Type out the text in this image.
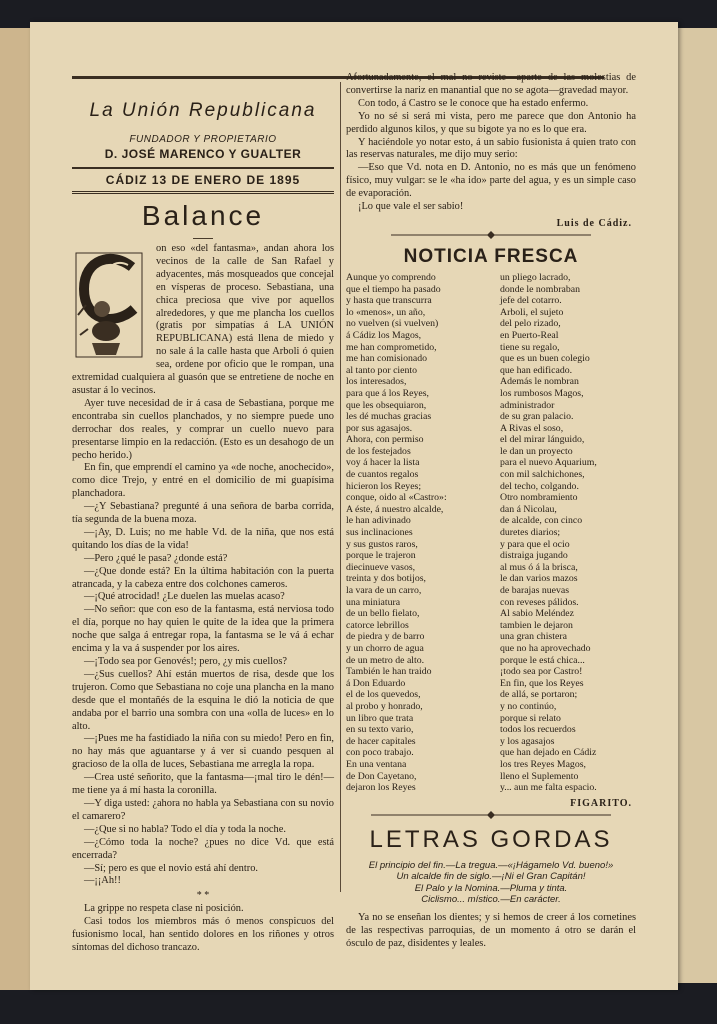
La Unión Republicana
FUNDADOR Y PROPIETARIO
D. JOSÉ MARENCO Y GUALTER
CÁDIZ 13 DE ENERO DE 1895
Balance

on eso «del fantasma», andan ahora los vecinos de la calle de San Rafael y adyacentes, más mosqueados que concejal en vísperas de proceso. Sebastiana, una chica preciosa que vive por aquellos alrededores, y que me plancha los cuellos (gratis por simpatías á LA UNIÓN REPUBLICANA) está llena de miedo y no sale á la calle hasta que Arboli ó quien sea, ordene por oficio que le rompan, una extremidad cualquiera al guasón que se entretiene de noche en asustar á lo vecinos.

Ayer tuve necesidad de ir á casa de Sebastiana, porque me encontraba sin cuellos planchados, y no siempre puede uno derrochar dos reales, y comprar un cuello nuevo para presentarse limpio en la redacción. (Esto es un desahogo de un pecho herido.)

En fin, que emprendí el camino ya «de noche, anochecido», como dice Trejo, y entré en el domicilio de mi guapísima planchadora.

—¿Y Sebastiana? pregunté á una señora de barba corrida, tía segunda de la buena moza.

—¡Ay, D. Luis; no me hable Vd. de la niña, que nos está quitando los días de la vida!

—Pero ¿qué le pasa? ¿donde está?

—¿Que donde está? En la última habitación con la puerta atrancada, y la cabeza entre dos colchones cameros.

—¡Qué atrocidad! ¿Le duelen las muelas acaso?

—No señor: que con eso de la fantasma, está nerviosa todo el día, porque no hay quien le quite de la idea que la primera noche que salga á entregar ropa, la fantasma se le vá á echar encima y la va á suspender por los aires.

—¡Todo sea por Genovés!; pero, ¿y mis cuellos?

—¿Sus cuellos? Ahí están muertos de risa, desde que los trujeron. Como que Sebastiana no coje una plancha en la mano desde que el montañés de la esquina le dió la noticia de que andaba por el barrio una sombra con una «olla de luces» en lo alto.

—¡Pues me ha fastidiado la niña con su miedo! Pero en fin, no hay más que aguantarse y á ver si cuando pesquen al gracioso de la olla de luces, Sebastiana me arregla la ropa.

—Crea usté señorito, que la fantasma—¡mal tiro le dén!—me tiene ya á mí hasta la coronilla.

—Y diga usted: ¿ahora no habla ya Sebastiana con su novio el camarero?

—¿Que si no habla? Todo el día y toda la noche.

—¿Cómo toda la noche? ¿pues no dice Vd. que está encerrada?

—Sí; pero es que el novio está ahí dentro.

—¡¡Ah!!

* *

La grippe no respeta clase ni posición.

Casi todos los miembros más ó menos conspicuos del fusionismo local, han sentido dolores en los riñones y otros síntomas del dichoso trancazo.

Afortunadamente, el mal no reviste—aparte de las molestias de convertirse la nariz en manantial que no se agota—gravedad mayor.

Con todo, á Castro se le conoce que ha estado enfermo.

Yo no sé si será mi vista, pero me parece que don Antonio ha perdido algunos kilos, y que su bigote ya no es lo que era.

Y haciéndole yo notar esto, á un sabio fusionista á quien trato con las reservas naturales, me dijo muy serio:

—Eso que Vd. nota en D. Antonio, no es más que un fenómeno físico, muy vulgar: se le «ha ido» parte del agua, y es un simple caso de evaporación.

¡Lo que vale el ser sabio!

Luis de Cádiz.
NOTICIA FRESCA
Aunque yo comprendo
que el tiempo ha pasado
y hasta que transcurra
lo «menos», un año,
no vuelven (si vuelven)
á Cádiz los Magos,
me han comprometido,
me han comisionado
al tanto por ciento
los interesados,
para que á los Reyes,
que les obsequiaron,
les dé muchas gracias
por sus agasajos.
Ahora, con permiso
de los festejados
voy á hacer la lista
de cuantos regalos
hicieron los Reyes;
conque, oido al «Castro»:
A éste, á nuestro alcalde,
le han adivinado
sus inclinaciones
y sus gustos raros,
porque le trajeron
diecinueve vasos,
treinta y dos botijos,
la vara de un carro,
una miniatura
de un bello fielato,
catorce lebrillos
de piedra y de barro
y un chorro de agua
de un metro de alto.
También le han traido
á Don Eduardo
el de los quevedos,
al probo y honrado,
un libro que trata
en su texto vario,
de hacer capitales
con poco trabajo.
En una ventana
de Don Cayetano,
dejaron los Reyes
un pliego lacrado,
donde le nombraban
jefe del cotarro.
Arboli, el sujeto
del pelo rizado,
en Puerto-Real
tiene su regalo,
que es un buen colegio
que han edificado.
Además le nombran
los rumbosos Magos,
administrador
de su gran palacio.
A Rivas el soso,
el del mirar lánguido,
le dan un proyecto
para el nuevo Aquarium,
con mil salchichones,
del techo, colgando.
Otro nombramiento
dan á Nicolau,
de alcalde, con cinco
duretes diarios;
y para que el ocio
distraiga jugando
al mus ó á la brisca,
le dan varios mazos
de barajas nuevas
con reveses pálidos.
Al sabio Meléndez
tambien le dejaron
una gran chistera
que no ha aprovechado
porque le está chica...
¡todo sea por Castro!
En fin, que los Reyes
de allá, se portaron;
y no continúo,
porque si relato
todos los recuerdos
y los agasajos
que han dejado en Cádiz
los tres Reyes Magos,
lleno el Suplemento
y... aun me falta espacio.
FIGARITO.
LETRAS GORDAS
El principio del fin.—La tregua.—«¡Hágamelo Vd. bueno!»
Un alcalde fin de siglo.—¡Ni el Gran Capitán!
El Palo y la Nomina.—Pluma y tinta.
Ciclismo... místico.—En carácter.

Ya no se enseñan los dientes; y si hemos de creer á los cornetines de las respectivas parroquias, de un momento á otro se darán el ósculo de paz, disidentes y leales.
